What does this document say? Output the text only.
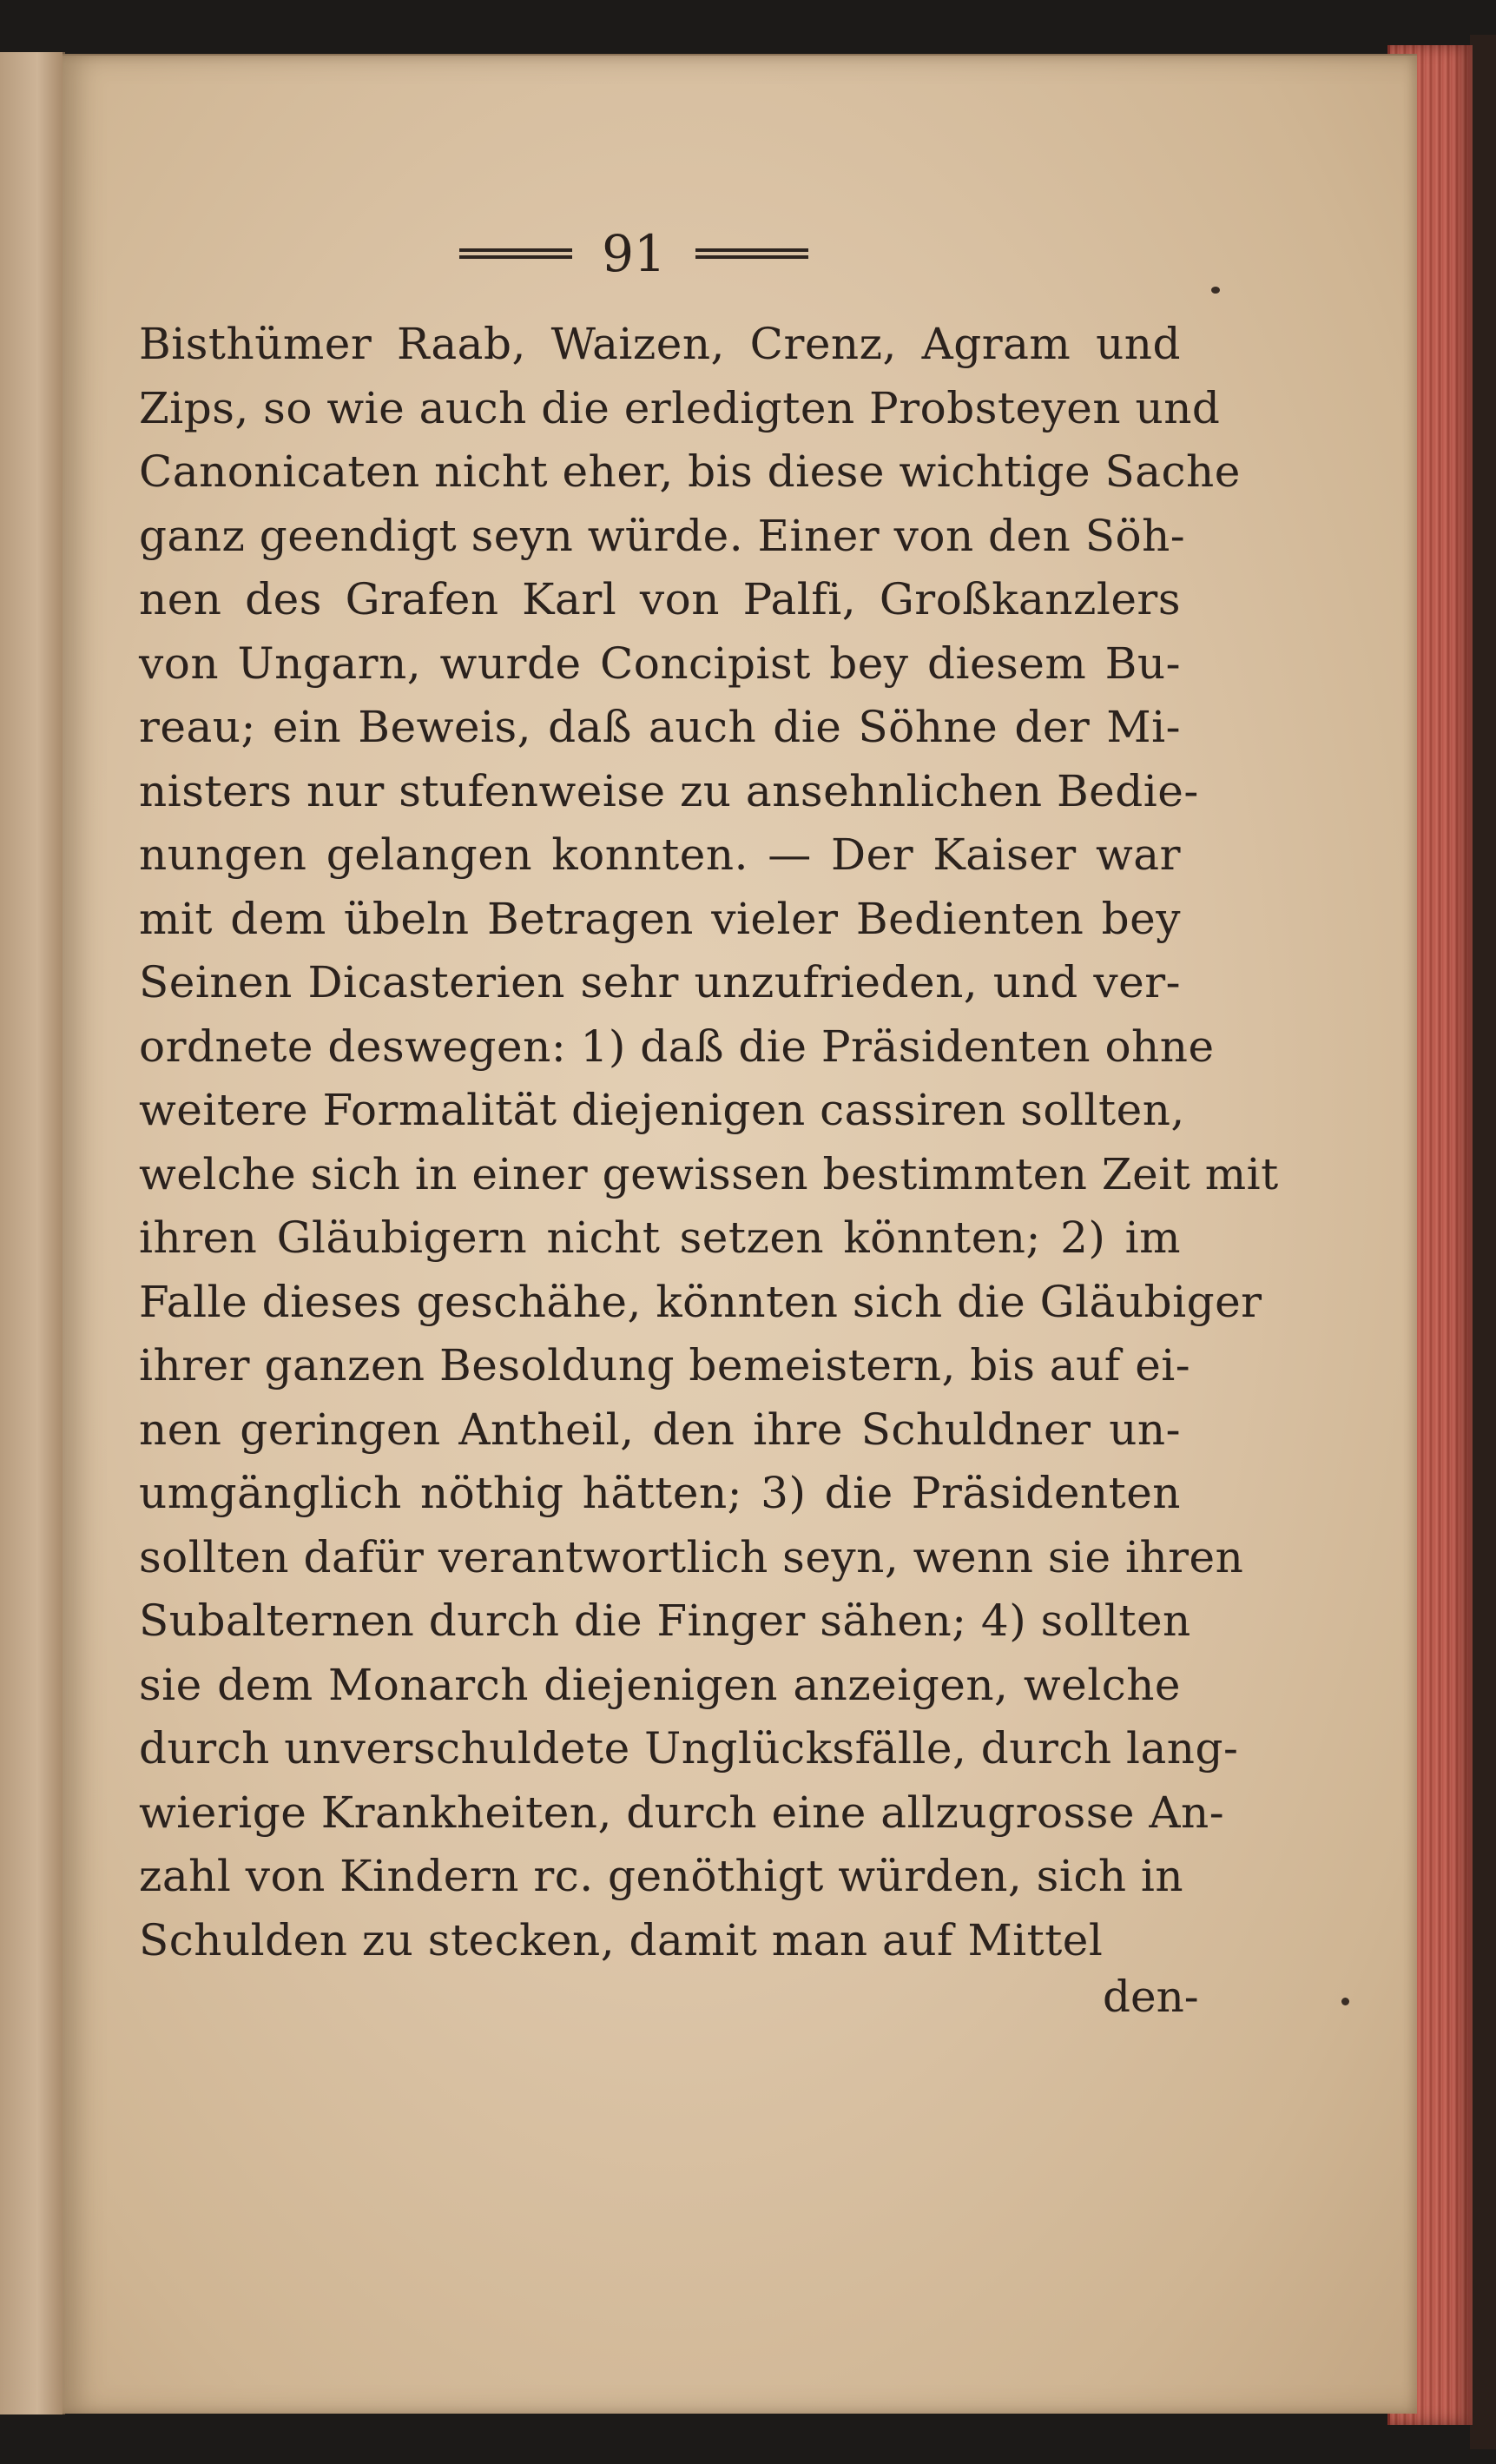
91
Bisthümer Raab, Waizen, Crenz, Agram und
Zips, so wie auch die erledigten Probsteyen und
Canonicaten nicht eher, bis diese wichtige Sache
ganz geendigt seyn würde. Einer von den Söh-
nen des Grafen Karl von Palfi, Großkanzlers
von Ungarn, wurde Concipist bey diesem Bu-
reau; ein Beweis, daß auch die Söhne der Mi-
nisters nur stufenweise zu ansehnlichen Bedie-
nungen gelangen konnten. — Der Kaiser war
mit dem übeln Betragen vieler Bedienten bey
Seinen Dicasterien sehr unzufrieden, und ver-
ordnete deswegen: 1) daß die Präsidenten ohne
weitere Formalität diejenigen cassiren sollten,
welche sich in einer gewissen bestimmten Zeit mit
ihren Gläubigern nicht setzen könnten; 2) im
Falle dieses geschähe, könnten sich die Gläubiger
ihrer ganzen Besoldung bemeistern, bis auf ei-
nen geringen Antheil, den ihre Schuldner un-
umgänglich nöthig hätten; 3) die Präsidenten
sollten dafür verantwortlich seyn, wenn sie ihren
Subalternen durch die Finger sähen; 4) sollten
sie dem Monarch diejenigen anzeigen, welche
durch unverschuldete Unglücksfälle, durch lang-
wierige Krankheiten, durch eine allzugrosse An-
zahl von Kindern rc. genöthigt würden, sich in
Schulden zu stecken, damit man auf Mittel
den-
